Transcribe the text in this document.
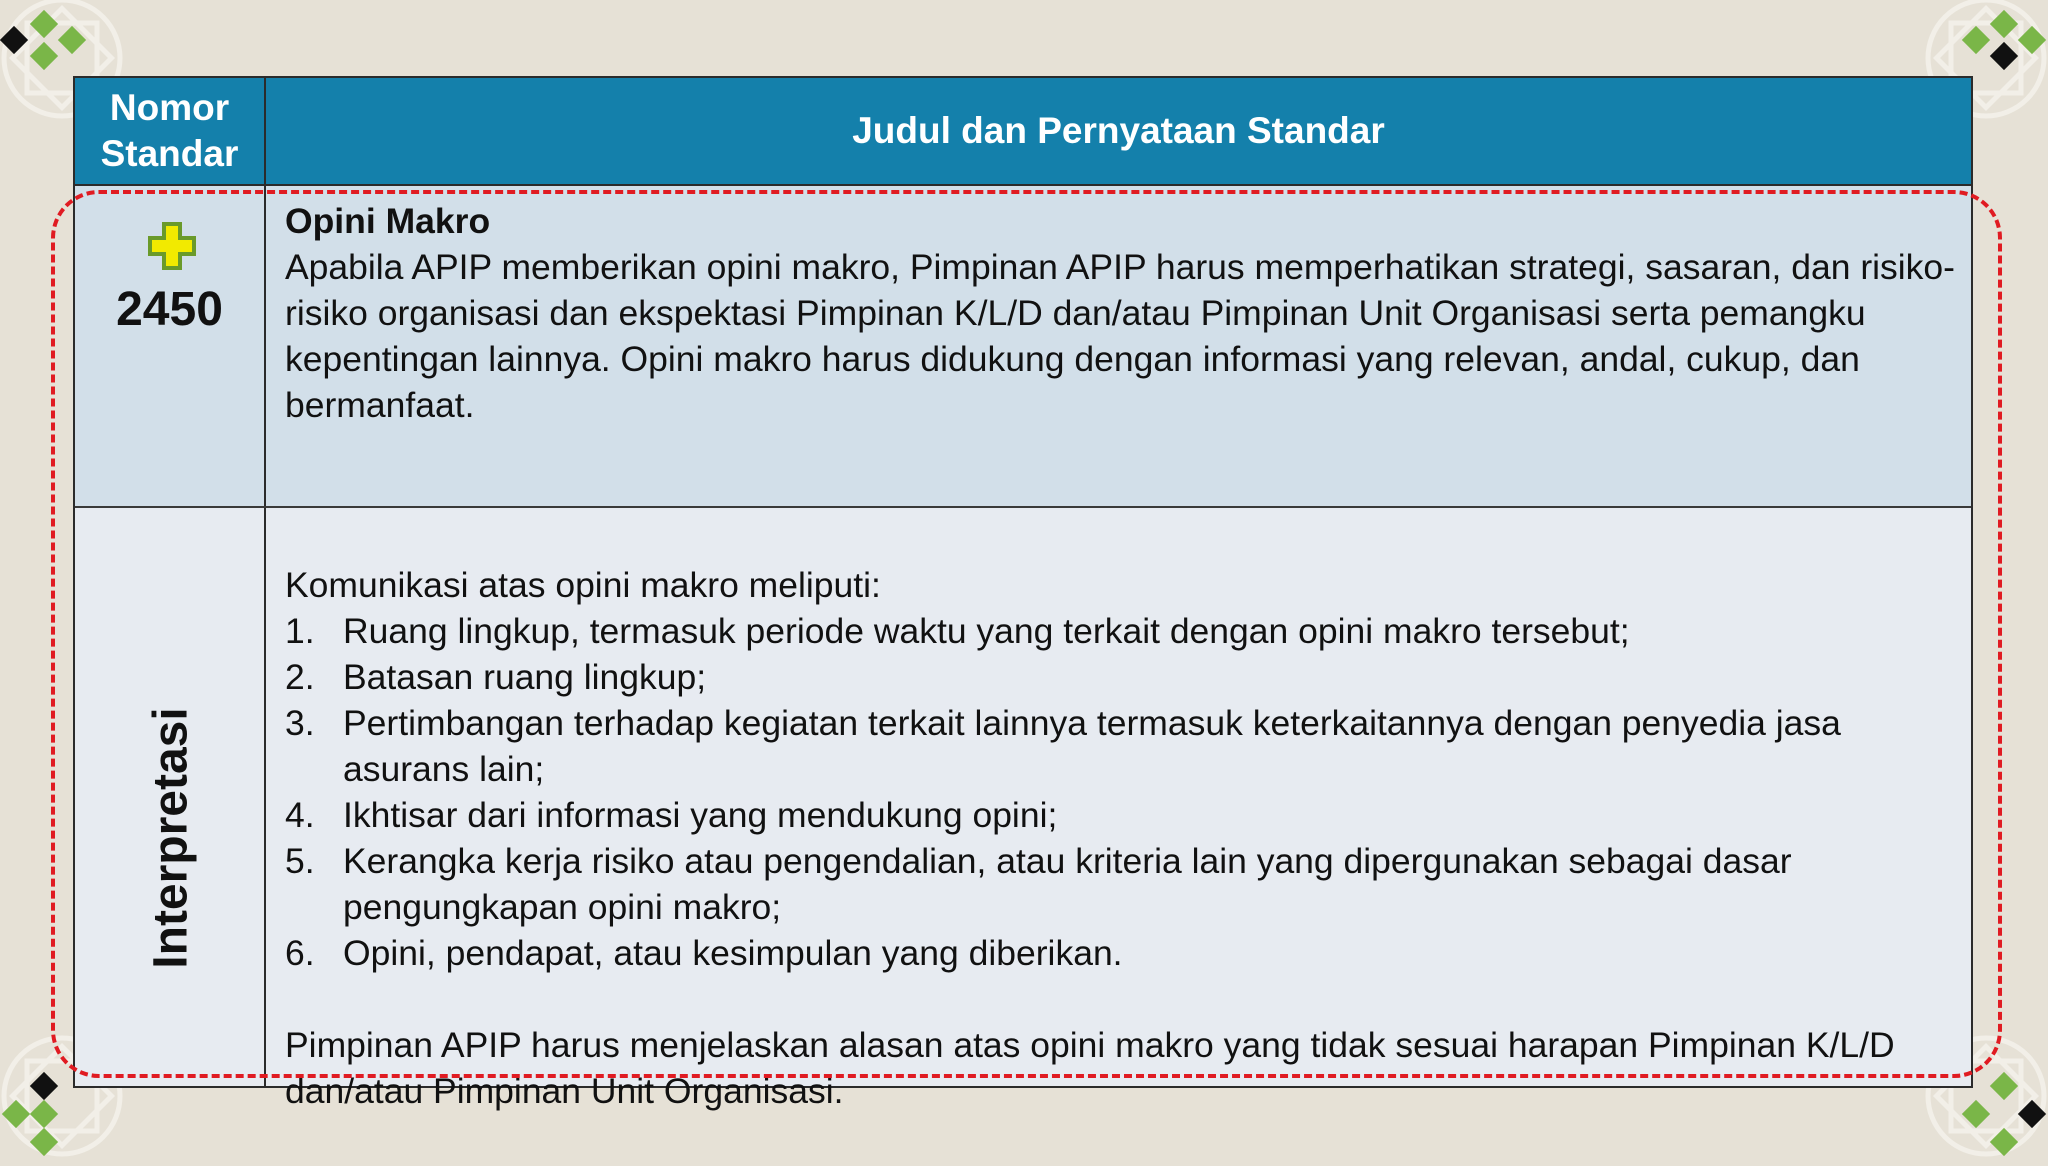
Nomor Standar
Judul dan Pernyataan Standar
2450
Opini Makro
Apabila APIP memberikan opini makro, Pimpinan APIP harus memperhatikan strategi, sasaran, dan risiko-risiko organisasi dan ekspektasi Pimpinan K/L/D dan/atau Pimpinan Unit Organisasi serta pemangku kepentingan lainnya. Opini makro harus didukung dengan informasi yang relevan, andal, cukup, dan bermanfaat.
Interpretasi
Komunikasi atas opini makro meliputi:
1. Ruang lingkup, termasuk periode waktu yang terkait dengan opini makro tersebut;
2. Batasan ruang lingkup;
3. Pertimbangan terhadap kegiatan terkait lainnya termasuk keterkaitannya dengan penyedia jasa asurans lain;
4. Ikhtisar dari informasi yang mendukung opini;
5. Kerangka kerja risiko atau pengendalian, atau kriteria lain yang dipergunakan sebagai dasar pengungkapan opini makro;
6. Opini, pendapat, atau kesimpulan yang diberikan.
Pimpinan APIP harus menjelaskan alasan atas opini makro yang tidak sesuai harapan Pimpinan K/L/D dan/atau Pimpinan Unit Organisasi.
